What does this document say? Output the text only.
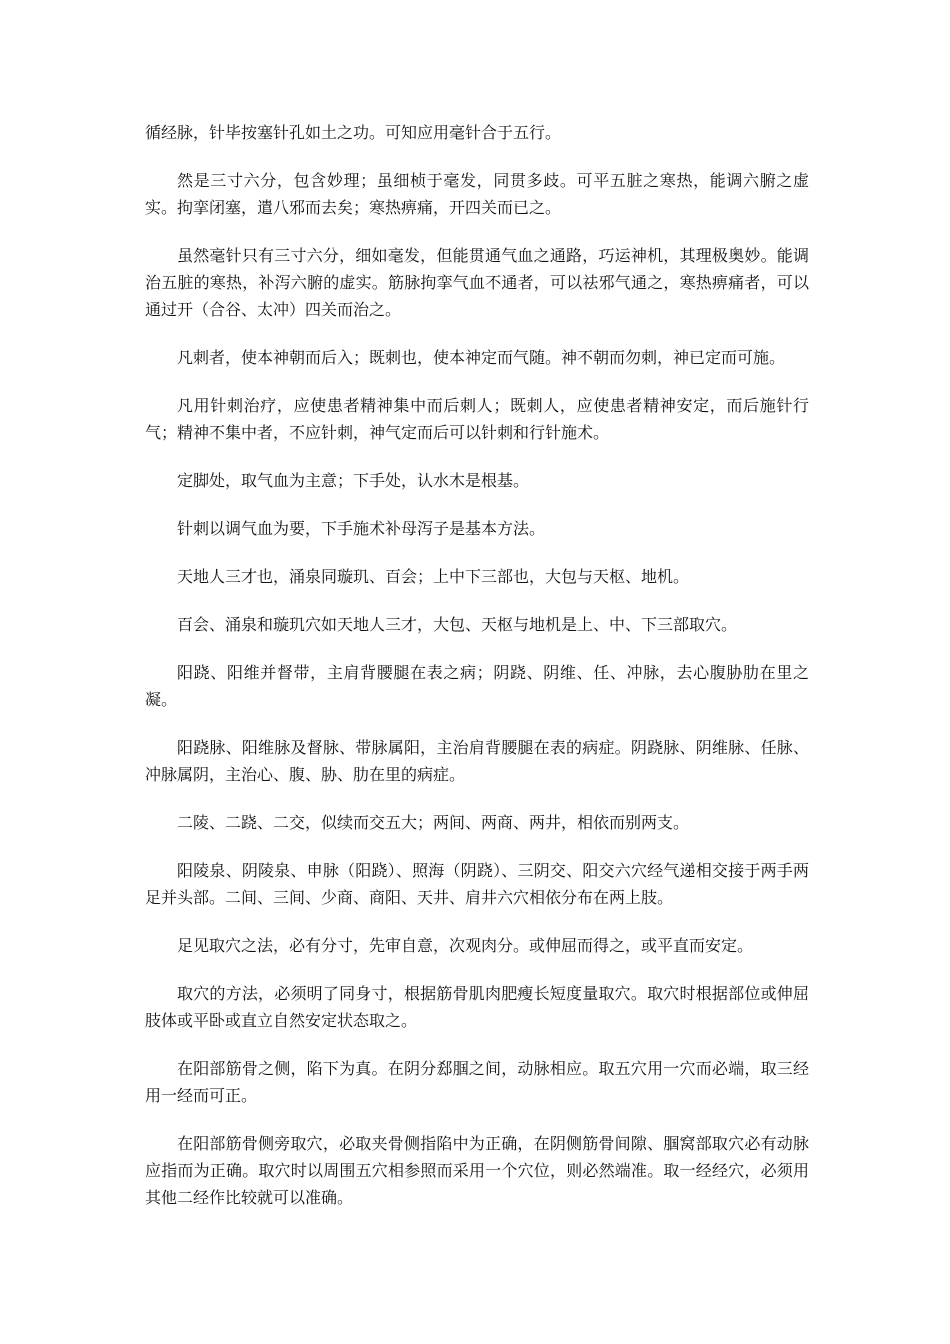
循经脉，针毕按塞针孔如土之功。可知应用毫针合于五行。

然是三寸六分，包含妙理；虽细桢于毫发，同贯多歧。可平五脏之寒热，能调六腑之虚实。拘挛闭塞，遣八邪而去矣；寒热痹痛，开四关而已之。

虽然毫针只有三寸六分，细如毫发，但能贯通气血之通路，巧运神机，其理极奥妙。能调治五脏的寒热，补泻六腑的虚实。筋脉拘挛气血不通者，可以祛邪气通之，寒热痹痛者，可以通过开（合谷、太冲）四关而治之。

凡刺者，使本神朝而后入；既刺也，使本神定而气随。神不朝而勿刺，神已定而可施。

凡用针刺治疗，应使患者精神集中而后刺人；既刺人，应使患者精神安定，而后施针行气；精神不集中者，不应针刺，神气定而后可以针刺和行针施术。

定脚处，取气血为主意；下手处，认水木是根基。

针刺以调气血为要，下手施术补母泻子是基本方法。

天地人三才也，涌泉同璇玑、百会；上中下三部也，大包与天枢、地机。

百会、涌泉和璇玑穴如天地人三才，大包、天枢与地机是上、中、下三部取穴。

阳跷、阳维并督带，主肩背腰腿在表之病；阴跷、阴维、任、冲脉，去心腹胁肋在里之凝。

阳跷脉、阳维脉及督脉、带脉属阳，主治肩背腰腿在表的病症。阴跷脉、阴维脉、任脉、冲脉属阴，主治心、腹、胁、肋在里的病症。

二陵、二跷、二交，似续而交五大；两间、两商、两井，相依而别两支。

阳陵泉、阴陵泉、申脉（阳跷）、照海（阴跷）、三阴交、阳交六穴经气递相交接于两手两足并头部。二间、三间、少商、商阳、天井、肩井六穴相依分布在两上肢。

足见取穴之法，必有分寸，先审自意，次观肉分。或伸屈而得之，或平直而安定。

取穴的方法，必须明了同身寸，根据筋骨肌肉肥瘦长短度量取穴。取穴时根据部位或伸屈肢体或平卧或直立自然安定状态取之。

在阳部筋骨之侧，陷下为真。在阴分郄腘之间，动脉相应。取五穴用一穴而必端，取三经用一经而可正。

在阳部筋骨侧旁取穴，必取夹骨侧指陷中为正确，在阴侧筋骨间隙、腘窝部取穴必有动脉应指而为正确。取穴时以周围五穴相参照而采用一个穴位，则必然端准。取一经经穴，必须用其他二经作比较就可以准确。
